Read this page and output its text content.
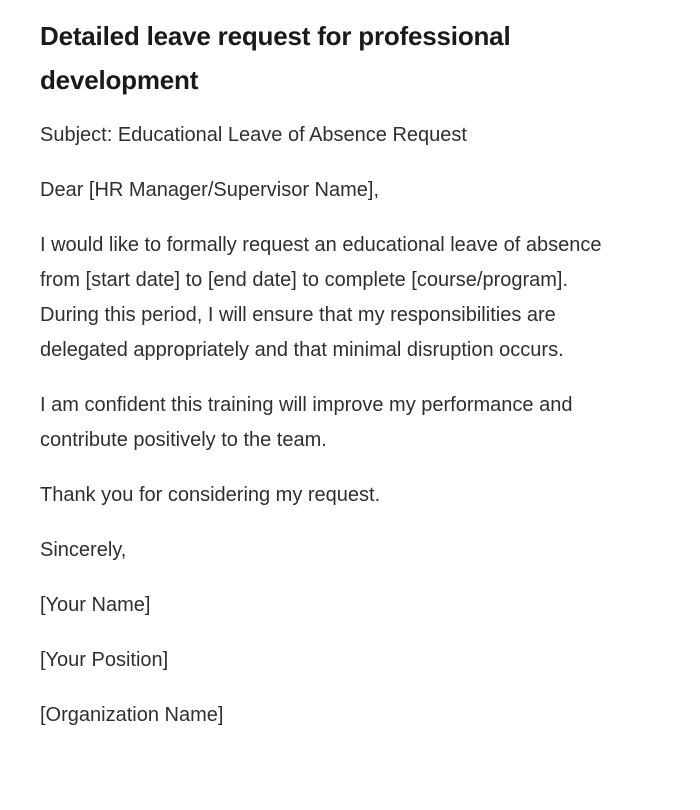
Detailed leave request for professional development

Subject: Educational Leave of Absence Request

Dear [HR Manager/Supervisor Name],

I would like to formally request an educational leave of absence from [start date] to [end date] to complete [course/program]. During this period, I will ensure that my responsibilities are delegated appropriately and that minimal disruption occurs.

I am confident this training will improve my performance and contribute positively to the team.

Thank you for considering my request.

Sincerely,

[Your Name]

[Your Position]

[Organization Name]
